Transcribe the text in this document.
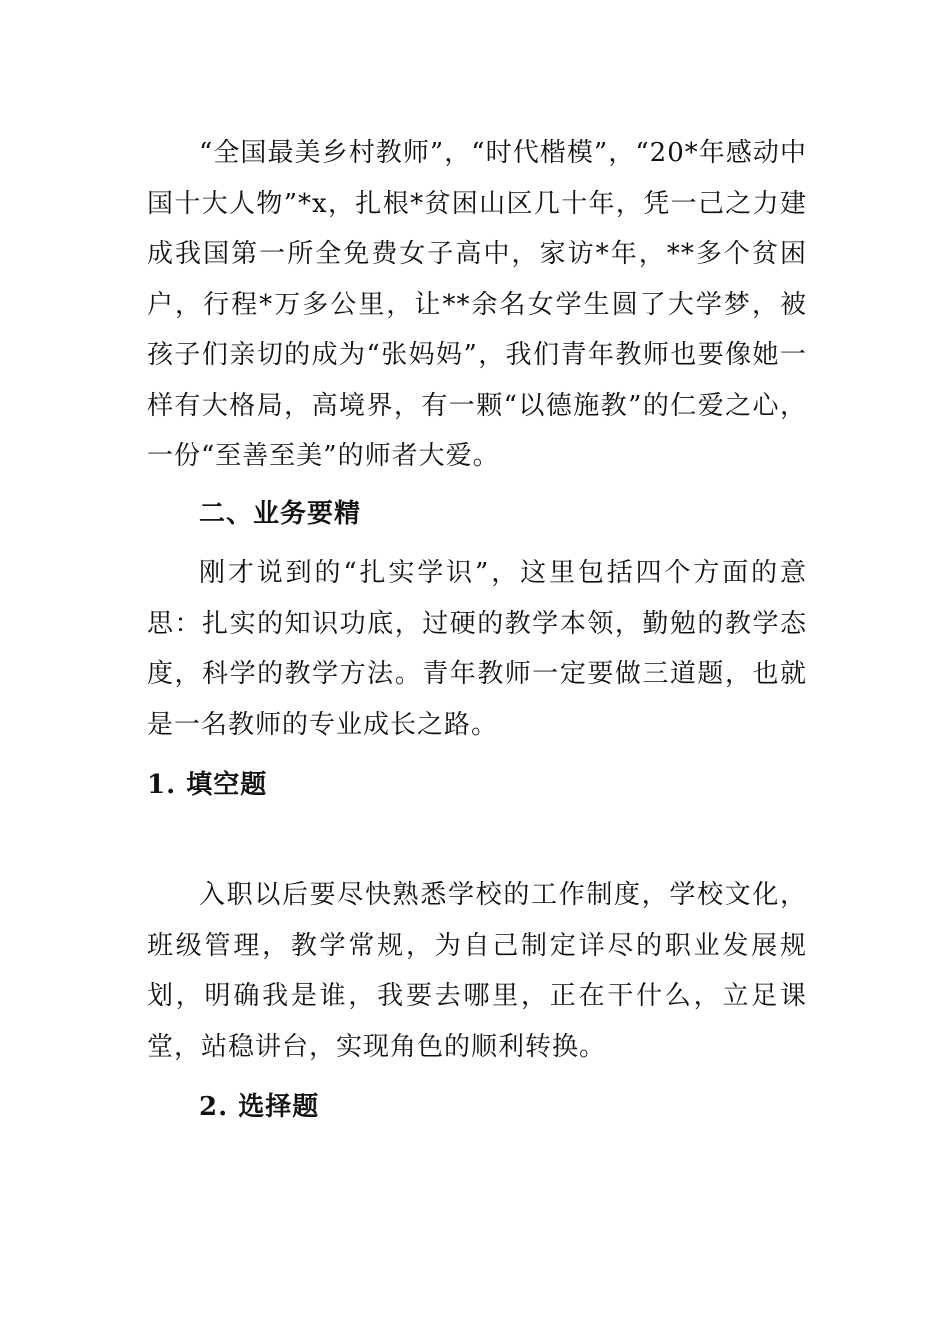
“全国最美乡村教师”，“时代楷模”，“20*年感动中国十大人物”*x，扎根*贫困山区几十年，凭一己之力建成我国第一所全免费女子高中，家访*年，**多个贫困户，行程*万多公里，让**余名女学生圆了大学梦，被孩子们亲切的成为“张妈妈”，我们青年教师也要像她一样有大格局，高境界，有一颗“以德施教”的仁爱之心，一份“至善至美”的师者大爱。

二、业务要精

刚才说到的“扎实学识”，这里包括四个方面的意思：扎实的知识功底，过硬的教学本领，勤勉的教学态度，科学的教学方法。青年教师一定要做三道题，也就是一名教师的专业成长之路。

1. 填空题

入职以后要尽快熟悉学校的工作制度，学校文化，班级管理，教学常规，为自己制定详尽的职业发展规划，明确我是谁，我要去哪里，正在干什么，立足课堂，站稳讲台，实现角色的顺利转换。

2. 选择题
